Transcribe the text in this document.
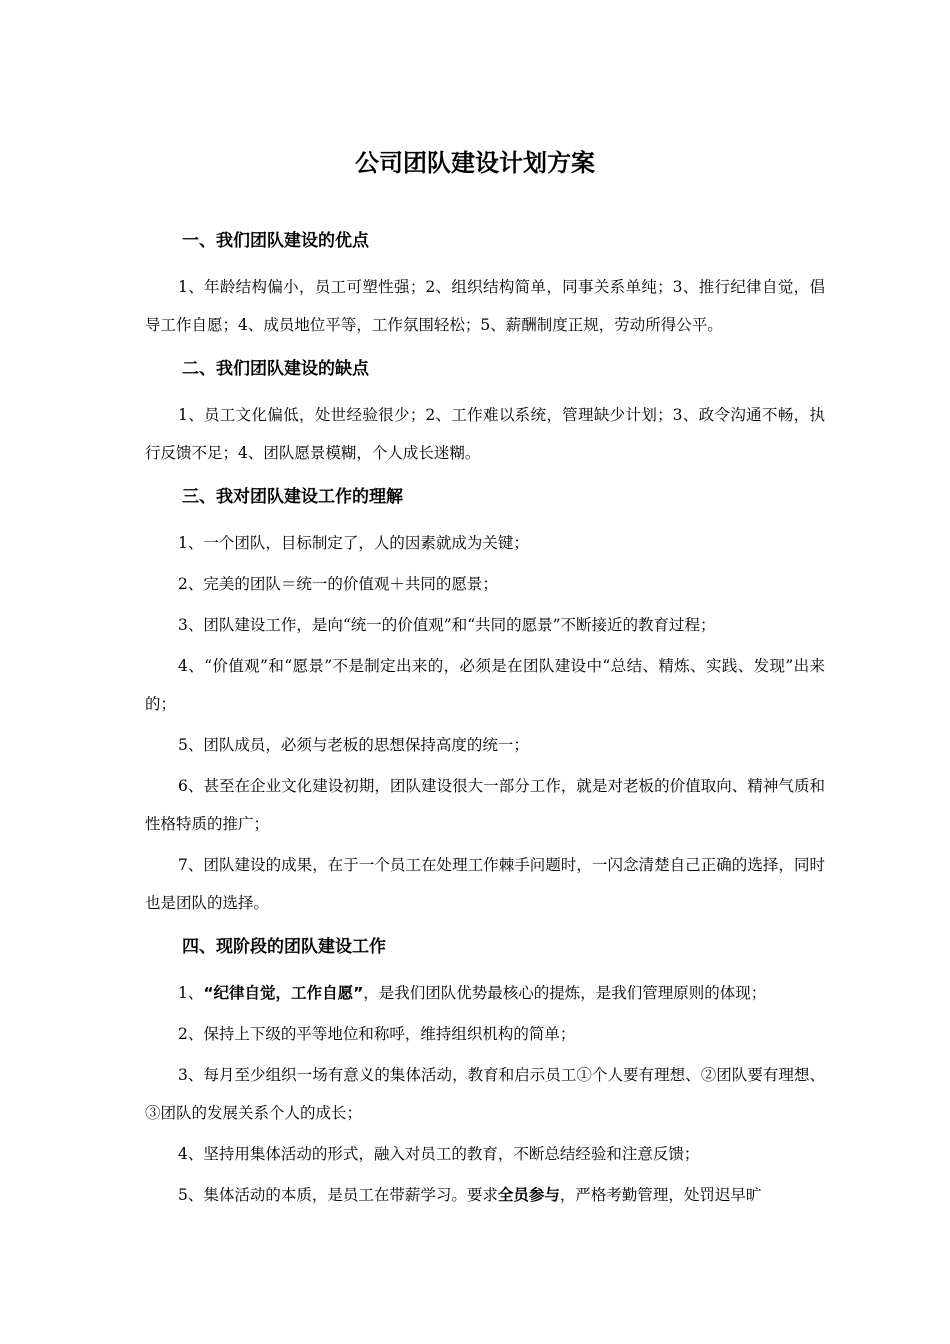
公司团队建设计划方案
一、我们团队建设的优点
1、年龄结构偏小，员工可塑性强；2、组织结构简单，同事关系单纯；3、推行纪律自觉，倡导工作自愿；4、成员地位平等，工作氛围轻松；5、薪酬制度正规，劳动所得公平。
二、我们团队建设的缺点
1、员工文化偏低，处世经验很少；2、工作难以系统，管理缺少计划；3、政令沟通不畅，执行反馈不足；4、团队愿景模糊，个人成长迷糊。
三、我对团队建设工作的理解
1、一个团队，目标制定了，人的因素就成为关键；
2、完美的团队＝统一的价值观＋共同的愿景；
3、团队建设工作，是向“统一的价值观”和“共同的愿景”不断接近的教育过程；
4、“价值观”和“愿景”不是制定出来的，必须是在团队建设中“总结、精炼、实践、发现”出来的；
5、团队成员，必须与老板的思想保持高度的统一；
6、甚至在企业文化建设初期，团队建设很大一部分工作，就是对老板的价值取向、精神气质和性格特质的推广；
7、团队建设的成果，在于一个员工在处理工作棘手问题时，一闪念清楚自己正确的选择，同时也是团队的选择。
四、现阶段的团队建设工作
1、“纪律自觉，工作自愿”，是我们团队优势最核心的提炼，是我们管理原则的体现；
2、保持上下级的平等地位和称呼，维持组织机构的简单；
3、每月至少组织一场有意义的集体活动，教育和启示员工①个人要有理想、②团队要有理想、③团队的发展关系个人的成长；
4、坚持用集体活动的形式，融入对员工的教育，不断总结经验和注意反馈；
5、集体活动的本质，是员工在带薪学习。要求全员参与，严格考勤管理，处罚迟早旷
